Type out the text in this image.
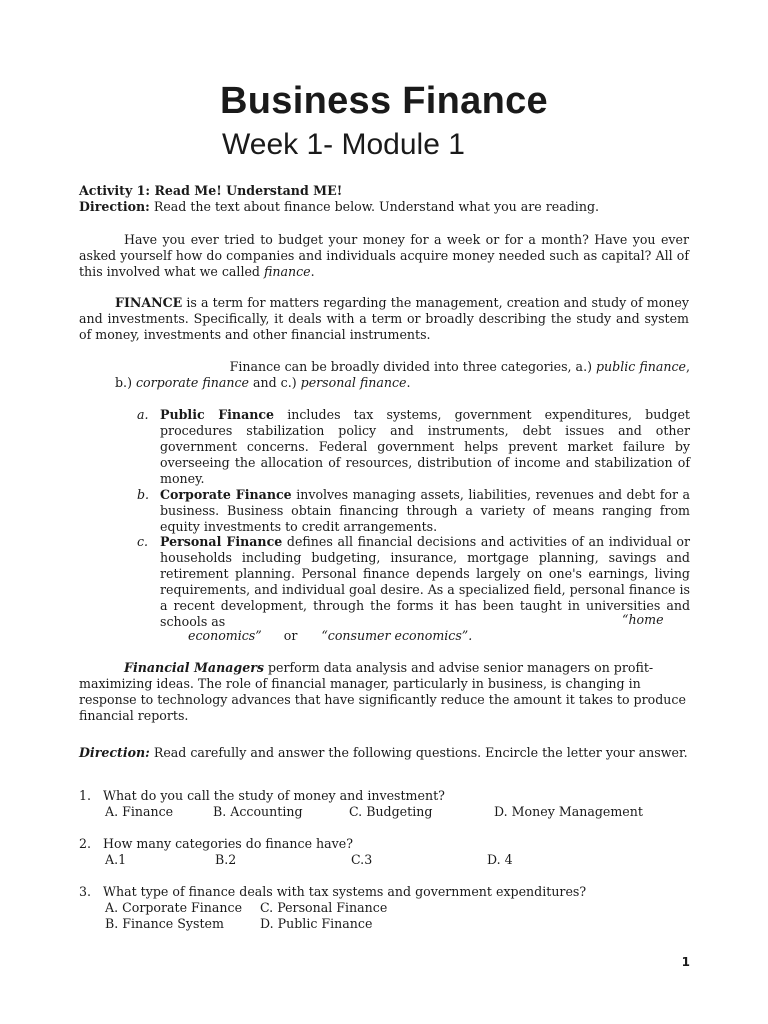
Business Finance
Week 1- Module 1
Activity 1: Read Me! Understand ME!
Direction: Read the text about finance below. Understand what you are reading.
Have you ever tried to budget your money for a week or for a month? Have you ever asked yourself how do companies and individuals acquire money needed such as capital? All of this involved what we called finance.
FINANCE is a term for matters regarding the management, creation and study of money and investments. Specifically, it deals with a term or broadly describing the study and system of money, investments and other financial instruments.
Finance can be broadly divided into three categories, a.) public finance,
b.) corporate finance and c.) personal finance.
a. Public Finance includes tax systems, government expenditures, budget procedures stabilization policy and instruments, debt issues and other government concerns. Federal government helps prevent market failure by overseeing the allocation of resources, distribution of income and stabilization of money.
b. Corporate Finance involves managing assets, liabilities, revenues and debt for a business. Business obtain financing through a variety of means ranging from equity investments to credit arrangements.
c. Personal Finance defines all financial decisions and activities of an individual or households including budgeting, insurance, mortgage planning, savings and retirement planning. Personal finance depends largely on one's earnings, living requirements, and individual goal desire. As a specialized field, personal finance is a recent development, through the forms it has been taught in universities and schools as	“home
economics” or “consumer economics”.
Financial Managers perform data analysis and advise senior managers on profit-maximizing ideas. The role of financial manager, particularly in business, is changing in response to technology advances that have significantly reduce the amount it takes to produce financial reports.
Direction: Read carefully and answer the following questions. Encircle the letter your answer.
1. What do you call the study of money and investment?
A. Finance	B. Accounting	C. Budgeting	D. Money Management
2. How many categories do finance have?
A.1	B.2	C.3	D. 4
3. What type of finance deals with tax systems and government expenditures?
A. Corporate Finance C. Personal Finance
B. Finance System	D. Public Finance
1
